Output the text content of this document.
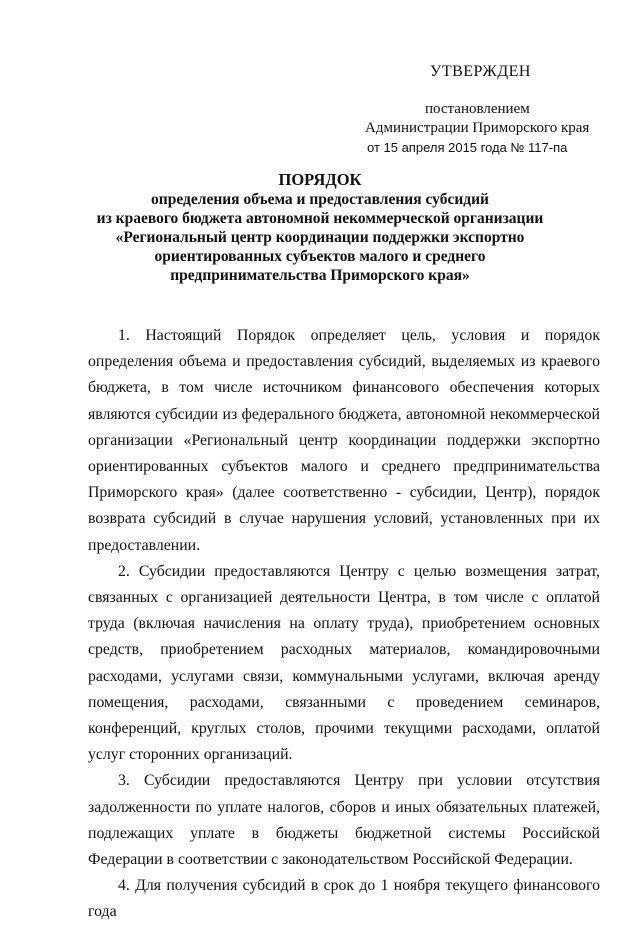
УТВЕРЖДЕН
постановлением
Администрации Приморского края
от 15 апреля 2015 года № 117-па
ПОРЯДОК
определения объема и предоставления субсидий
из краевого бюджета автономной некоммерческой организации
«Региональный центр координации поддержки экспортно
ориентированных субъектов малого и среднего
предпринимательства Приморского края»

1. Настоящий Порядок определяет цель, условия и порядок определения объема и предоставления субсидий, выделяемых из краевого бюджета, в том числе источником финансового обеспечения которых являются субсидии из федерального бюджета, автономной некоммерческой организации «Региональный центр координации поддержки экспортно ориентированных субъектов малого и среднего предпринимательства Приморского края» (далее соответственно - субсидии, Центр), порядок возврата субсидий в случае нарушения условий, установленных при их предоставлении.

2. Субсидии предоставляются Центру с целью возмещения затрат, связанных с организацией деятельности Центра, в том числе с оплатой труда (включая начисления на оплату труда), приобретением основных средств, приобретением расходных материалов, командировочными расходами, услугами связи, коммунальными услугами, включая аренду помещения, расходами, связанными с проведением семинаров, конференций, круглых столов, прочими текущими расходами, оплатой услуг сторонних организаций.

3. Субсидии предоставляются Центру при условии отсутствия задолженности по уплате налогов, сборов и иных обязательных платежей, подлежащих уплате в бюджеты бюджетной системы Российской Федерации в соответствии с законодательством Российской Федерации.

4. Для получения субсидий в срок до 1 ноября текущего финансового года
